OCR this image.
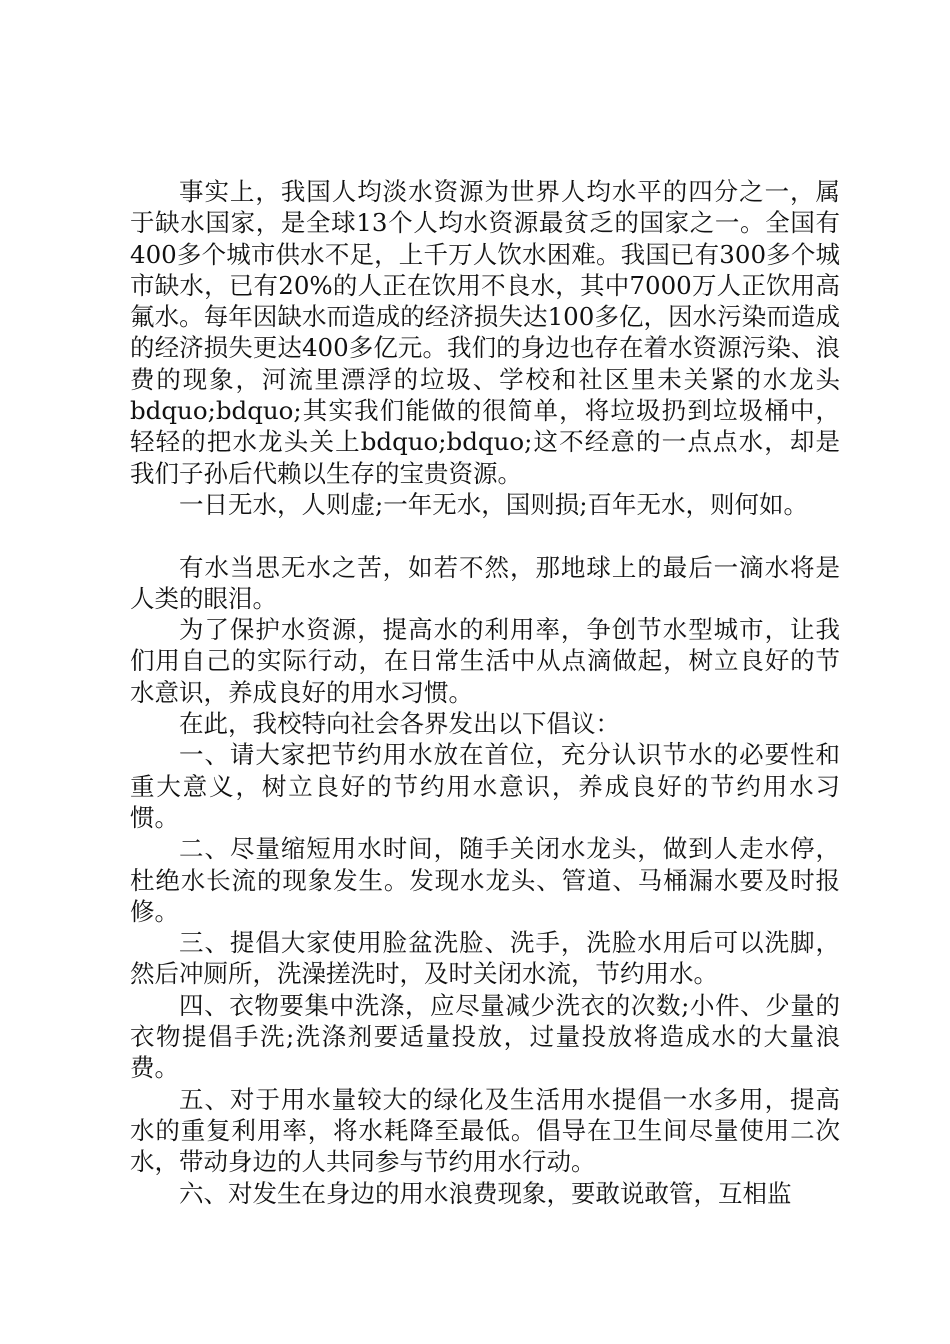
事实上，我国人均淡水资源为世界人均水平的四分之一，属于缺水国家，是全球13个人均水资源最贫乏的国家之一。全国有400多个城市供水不足，上千万人饮水困难。我国已有300多个城市缺水，已有20%的人正在饮用不良水，其中7000万人正饮用高氟水。每年因缺水而造成的经济损失达100多亿，因水污染而造成的经济损失更达400多亿元。我们的身边也存在着水资源污染、浪费的现象，河流里漂浮的垃圾、学校和社区里未关紧的水龙头bdquo;bdquo;其实我们能做的很简单，将垃圾扔到垃圾桶中，轻轻的把水龙头关上bdquo;bdquo;这不经意的一点点水，却是我们子孙后代赖以生存的宝贵资源。

一日无水，人则虚;一年无水，国则损;百年无水，则何如。

有水当思无水之苦，如若不然，那地球上的最后一滴水将是人类的眼泪。

为了保护水资源，提高水的利用率，争创节水型城市，让我们用自己的实际行动，在日常生活中从点滴做起，树立良好的节水意识，养成良好的用水习惯。

在此，我校特向社会各界发出以下倡议：

一、请大家把节约用水放在首位，充分认识节水的必要性和重大意义，树立良好的节约用水意识，养成良好的节约用水习惯。

二、尽量缩短用水时间，随手关闭水龙头，做到人走水停，杜绝水长流的现象发生。发现水龙头、管道、马桶漏水要及时报修。

三、提倡大家使用脸盆洗脸、洗手，洗脸水用后可以洗脚，然后冲厕所，洗澡搓洗时，及时关闭水流，节约用水。

四、衣物要集中洗涤，应尽量减少洗衣的次数;小件、少量的衣物提倡手洗;洗涤剂要适量投放，过量投放将造成水的大量浪费。

五、对于用水量较大的绿化及生活用水提倡一水多用，提高水的重复利用率，将水耗降至最低。倡导在卫生间尽量使用二次水，带动身边的人共同参与节约用水行动。

六、对发生在身边的用水浪费现象，要敢说敢管，互相监
